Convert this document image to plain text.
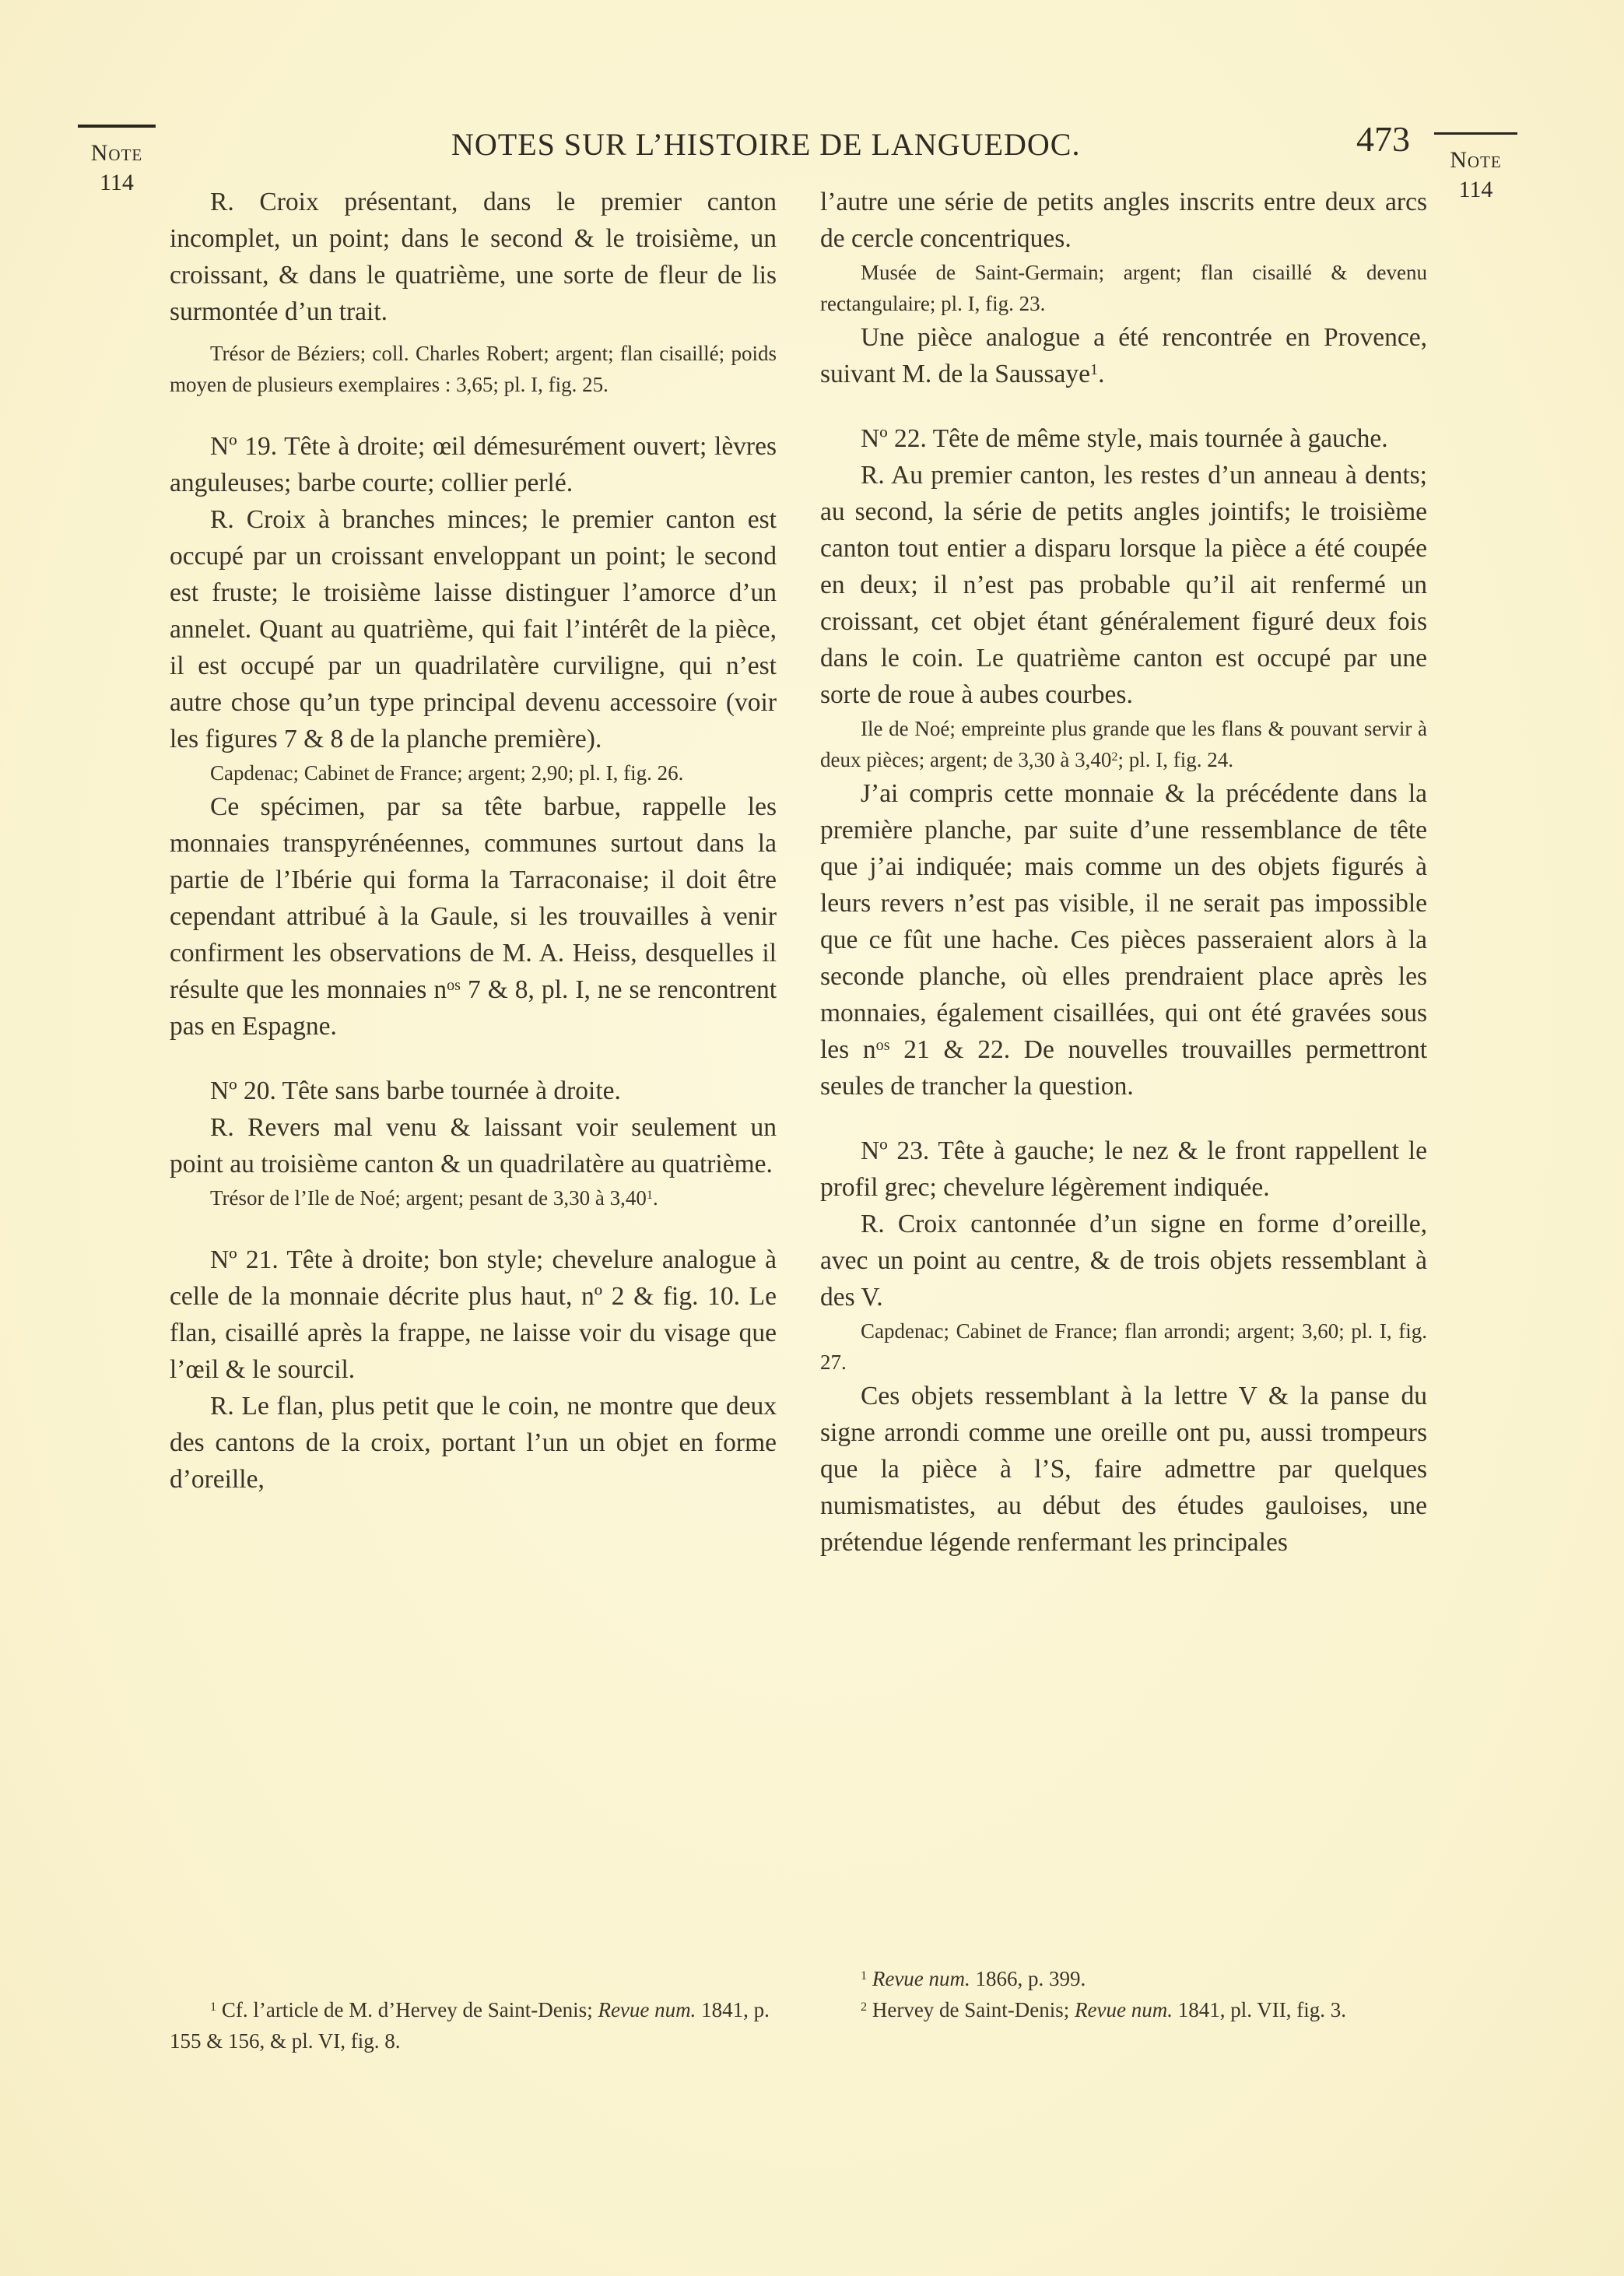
Note
114
NOTES SUR L’HISTOIRE DE LANGUEDOC.	473
Note
114

R. Croix présentant, dans le premier canton incomplet, un point; dans le second & le troisième, un croissant, & dans le quatrième, une sorte de fleur de lis surmontée d’un trait.

Trésor de Béziers; coll. Charles Robert; argent; flan cisaillé; poids moyen de plusieurs exemplaires : 3,65; pl. I, fig. 25.

Nº 19. Tête à droite; œil démesurément ouvert; lèvres anguleuses; barbe courte; collier perlé.

R. Croix à branches minces; le premier canton est occupé par un croissant enveloppant un point; le second est fruste; le troisième laisse distinguer l’amorce d’un annelet. Quant au quatrième, qui fait l’intérêt de la pièce, il est occupé par un quadrilatère curviligne, qui n’est autre chose qu’un type principal devenu accessoire (voir les figures 7 & 8 de la planche première).

Capdenac; Cabinet de France; argent; 2,90; pl. I, fig. 26.

Ce spécimen, par sa tête barbue, rappelle les monnaies transpyrénéennes, communes surtout dans la partie de l’Ibérie qui forma la Tarraconaise; il doit être cependant attribué à la Gaule, si les trouvailles à venir confirment les observations de M. A. Heiss, desquelles il résulte que les monnaies $n^{os}$ 7 & 8, pl. I, ne se rencontrent pas en Espagne.

Nº 20. Tête sans barbe tournée à droite.

R. Revers mal venu & laissant voir seulement un point au troisième canton & un quadrilatère au quatrième.

Trésor de l’Ile de Noé; argent; pesant de 3,30 à 3,40$^1$.

Nº 21. Tête à droite; bon style; chevelure analogue à celle de la monnaie décrite plus haut, nº 2 & fig. 10. Le flan, cisaillé après la frappe, ne laisse voir du visage que l’œil & le sourcil.

R. Le flan, plus petit que le coin, ne montre que deux des cantons de la croix, portant l’un un objet en forme d’oreille,

l’autre une série de petits angles inscrits entre deux arcs de cercle concentriques.

Musée de Saint-Germain; argent; flan cisaillé & devenu rectangulaire; pl. I, fig. 23.

Une pièce analogue a été rencontrée en Provence, suivant M. de la Saussaye$^1$.

Nº 22. Tête de même style, mais tournée à gauche.

R. Au premier canton, les restes d’un anneau à dents; au second, la série de petits angles jointifs; le troisième canton tout entier a disparu lorsque la pièce a été coupée en deux; il n’est pas probable qu’il ait renfermé un croissant, cet objet étant généralement figuré deux fois dans le coin. Le quatrième canton est occupé par une sorte de roue à aubes courbes.

Ile de Noé; empreinte plus grande que les flans & pouvant servir à deux pièces; argent; de 3,30 à 3,40$^2$; pl. I, fig. 24.

J’ai compris cette monnaie & la précédente dans la première planche, par suite d’une ressemblance de tête que j’ai indiquée; mais comme un des objets figurés à leurs revers n’est pas visible, il ne serait pas impossible que ce fût une hache. Ces pièces passeraient alors à la seconde planche, où elles prendraient place après les monnaies, également cisaillées, qui ont été gravées sous les $n^{os}$ 21 & 22. De nouvelles trouvailles permettront seules de trancher la question.

Nº 23. Tête à gauche; le nez & le front rappellent le profil grec; chevelure légèrement indiquée.

R. Croix cantonnée d’un signe en forme d’oreille, avec un point au centre, & de trois objets ressemblant à des V.

Capdenac; Cabinet de France; flan arrondi; argent; 3,60; pl. I, fig. 27.

Ces objets ressemblant à la lettre V & la panse du signe arrondi comme une oreille ont pu, aussi trompeurs que la pièce à l’S, faire admettre par quelques numismatistes, au début des études gauloises, une prétendue légende renfermant les principales

$^1$ Cf. l’article de M. d’Hervey de Saint-Denis; Revue num. 1841, p. 155 & 156, & pl. VI, fig. 8.

$^1$ Revue num. 1866, p. 399.

$^2$ Hervey de Saint-Denis; Revue num. 1841, pl. VII, fig. 3.
